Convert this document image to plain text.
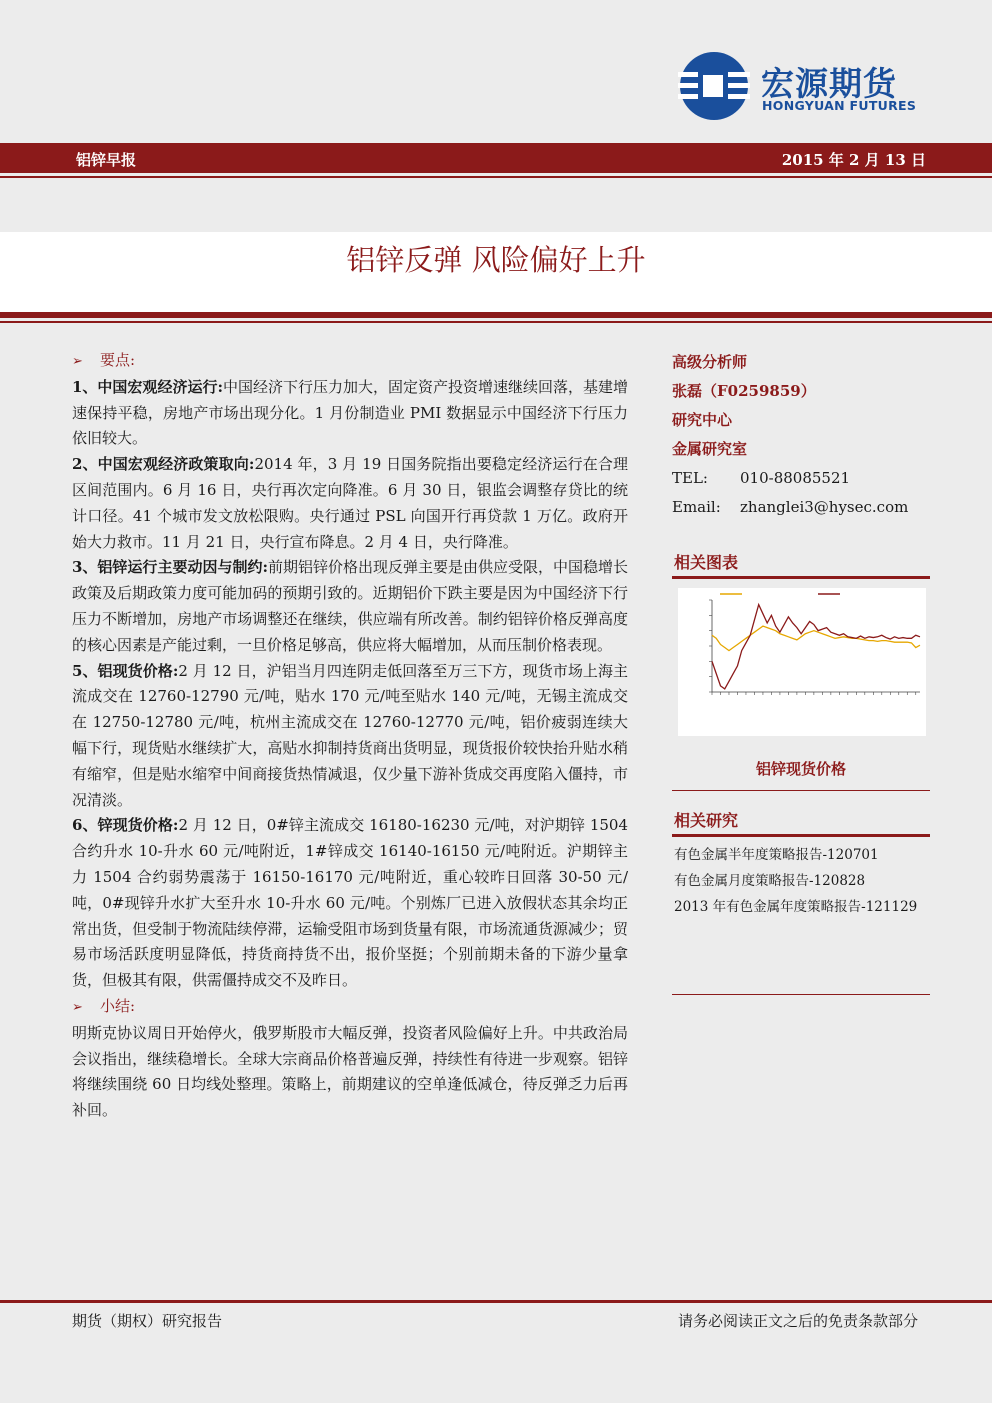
宏源期货
HONGYUAN FUTURES
铝锌早报	2015 年 2 月 13 日
铝锌反弹 风险偏好上升

➢ 要点:

1、中国宏观经济运行:中国经济下行压力加大，固定资产投资增速继续回落，基建增速保持平稳，房地产市场出现分化。1 月份制造业 PMI 数据显示中国经济下行压力依旧较大。

2、中国宏观经济政策取向:2014 年，3 月 19 日国务院指出要稳定经济运行在合理区间范围内。6 月 16 日，央行再次定向降准。6 月 30 日，银监会调整存贷比的统计口径。41 个城市发文放松限购。央行通过 PSL 向国开行再贷款 1 万亿。政府开始大力救市。11 月 21 日，央行宣布降息。2 月 4 日，央行降准。

3、铝锌运行主要动因与制约:前期铝锌价格出现反弹主要是由供应受限，中国稳增长政策及后期政策力度可能加码的预期引致的。近期铝价下跌主要是因为中国经济下行压力不断增加，房地产市场调整还在继续，供应端有所改善。制约铝锌价格反弹高度的核心因素是产能过剩，一旦价格足够高，供应将大幅增加，从而压制价格表现。

5、铝现货价格:2 月 12 日，沪铝当月四连阴走低回落至万三下方，现货市场上海主流成交在 12760-12790 元/吨，贴水 170 元/吨至贴水 140 元/吨，无锡主流成交在 12750-12780 元/吨，杭州主流成交在 12760-12770 元/吨，铝价疲弱连续大幅下行，现货贴水继续扩大，高贴水抑制持货商出货明显，现货报价较快抬升贴水稍有缩窄，但是贴水缩窄中间商接货热情减退，仅少量下游补货成交再度陷入僵持，市况清淡。

6、锌现货价格:2 月 12 日，0#锌主流成交 16180-16230 元/吨，对沪期锌 1504 合约升水 10-升水 60 元/吨附近，1#锌成交 16140-16150 元/吨附近。沪期锌主力 1504 合约弱势震荡于 16150-16170 元/吨附近，重心较昨日回落 30-50 元/吨，0#现锌升水扩大至升水 10-升水 60 元/吨。个别炼厂已进入放假状态其余均正常出货，但受制于物流陆续停滞，运输受阻市场到货量有限，市场流通货源减少；贸易市场活跃度明显降低，持货商持货不出，报价坚挺；个别前期未备的下游少量拿货，但极其有限，供需僵持成交不及昨日。

➢ 小结:

明斯克协议周日开始停火，俄罗斯股市大幅反弹，投资者风险偏好上升。中共政治局会议指出，继续稳增长。全球大宗商品价格普遍反弹，持续性有待进一步观察。铝锌将继续围绕 60 日均线处整理。策略上，前期建议的空单逢低减仓，待反弹乏力后再补回。

高级分析师
张磊（F0259859）
研究中心
金属研究室
TEL: 010-88085521
Email: zhanglei3@hysec.com
相关图表
铝锌现货价格
相关研究
有色金属半年度策略报告-120701
有色金属月度策略报告-120828
2013 年有色金属年度策略报告-121129
期货（期权）研究报告	请务必阅读正文之后的免责条款部分
